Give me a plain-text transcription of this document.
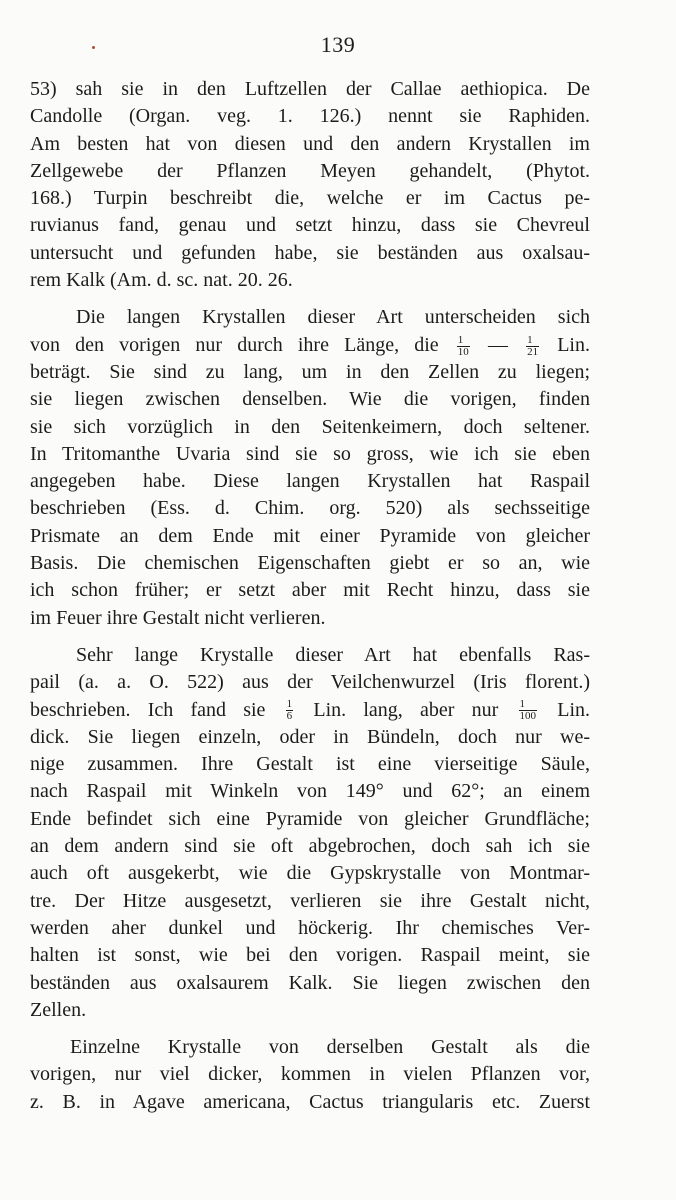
139
53) sah sie in den Luftzellen der Callae aethiopica. De
Candolle (Organ. veg. 1. 126.) nennt sie Raphiden.
Am besten hat von diesen und den andern Krystallen im
Zellgewebe der Pflanzen Meyen gehandelt, (Phytot.
168.) Turpin beschreibt die, welche er im Cactus pe-
ruvianus fand, genau und setzt hinzu, dass sie Chevreul
untersucht und gefunden habe, sie beständen aus oxalsau-
rem Kalk (Am. d. sc. nat. 20. 26.
Die langen Krystallen dieser Art unterscheiden sich
von den vorigen nur durch ihre Länge, die $\frac{1}{10}$ — $\frac{1}{21}$ Lin.
beträgt. Sie sind zu lang, um in den Zellen zu liegen;
sie liegen zwischen denselben. Wie die vorigen, finden
sie sich vorzüglich in den Seitenkeimern, doch seltener.
In Tritomanthe Uvaria sind sie so gross, wie ich sie eben
angegeben habe. Diese langen Krystallen hat Raspail
beschrieben (Ess. d. Chim. org. 520) als sechsseitige
Prismate an dem Ende mit einer Pyramide von gleicher
Basis. Die chemischen Eigenschaften giebt er so an, wie
ich schon früher; er setzt aber mit Recht hinzu, dass sie
im Feuer ihre Gestalt nicht verlieren.
Sehr lange Krystalle dieser Art hat ebenfalls Ras-
pail (a. a. O. 522) aus der Veilchenwurzel (Iris florent.)
beschrieben. Ich fand sie $\frac{1}{6}$ Lin. lang, aber nur $\frac{1}{100}$ Lin.
dick. Sie liegen einzeln, oder in Bündeln, doch nur we-
nige zusammen. Ihre Gestalt ist eine vierseitige Säule,
nach Raspail mit Winkeln von 149° und 62°; an einem
Ende befindet sich eine Pyramide von gleicher Grundfläche;
an dem andern sind sie oft abgebrochen, doch sah ich sie
auch oft ausgekerbt, wie die Gypskrystalle von Montmar-
tre. Der Hitze ausgesetzt, verlieren sie ihre Gestalt nicht,
werden aher dunkel und höckerig. Ihr chemisches Ver-
halten ist sonst, wie bei den vorigen. Raspail meint, sie
beständen aus oxalsaurem Kalk. Sie liegen zwischen den
Zellen.
Einzelne Krystalle von derselben Gestalt als die
vorigen, nur viel dicker, kommen in vielen Pflanzen vor,
z. B. in Agave americana, Cactus triangularis etc. Zuerst
